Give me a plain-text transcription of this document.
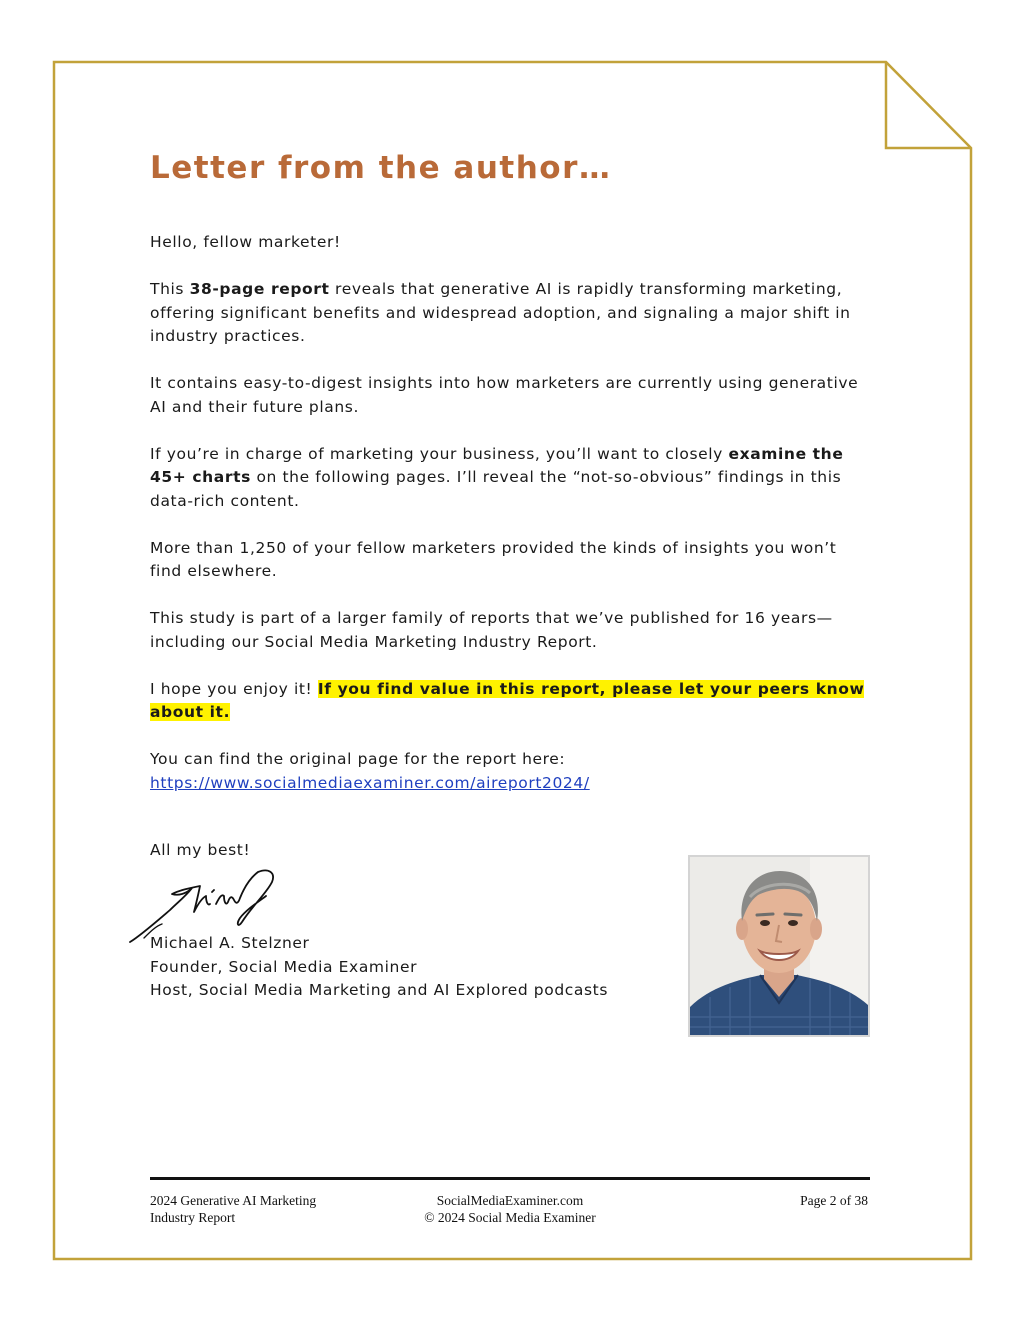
Letter from the author…

Hello, fellow marketer!

This 38-page report reveals that generative AI is rapidly transforming marketing, offering significant benefits and widespread adoption, and signaling a major shift in industry practices.

It contains easy-to-digest insights into how marketers are currently using generative AI and their future plans.

If you’re in charge of marketing your business, you’ll want to closely examine the 45+ charts on the following pages. I’ll reveal the “not-so-obvious” findings in this data-rich content.

More than 1,250 of your fellow marketers provided the kinds of insights you won’t find elsewhere.

This study is part of a larger family of reports that we’ve published for 16 years—including our Social Media Marketing Industry Report.

I hope you enjoy it! If you find value in this report, please let your peers know about it.

You can find the original page for the report here:
https://www.socialmediaexaminer.com/aireport2024/

All my best!
Michael A. Stelzner
Founder, Social Media Examiner
Host, Social Media Marketing and AI Explored podcasts
2024 Generative AI Marketing
Industry Report
SocialMediaExaminer.com
© 2024 Social Media Examiner
Page 2 of 38
